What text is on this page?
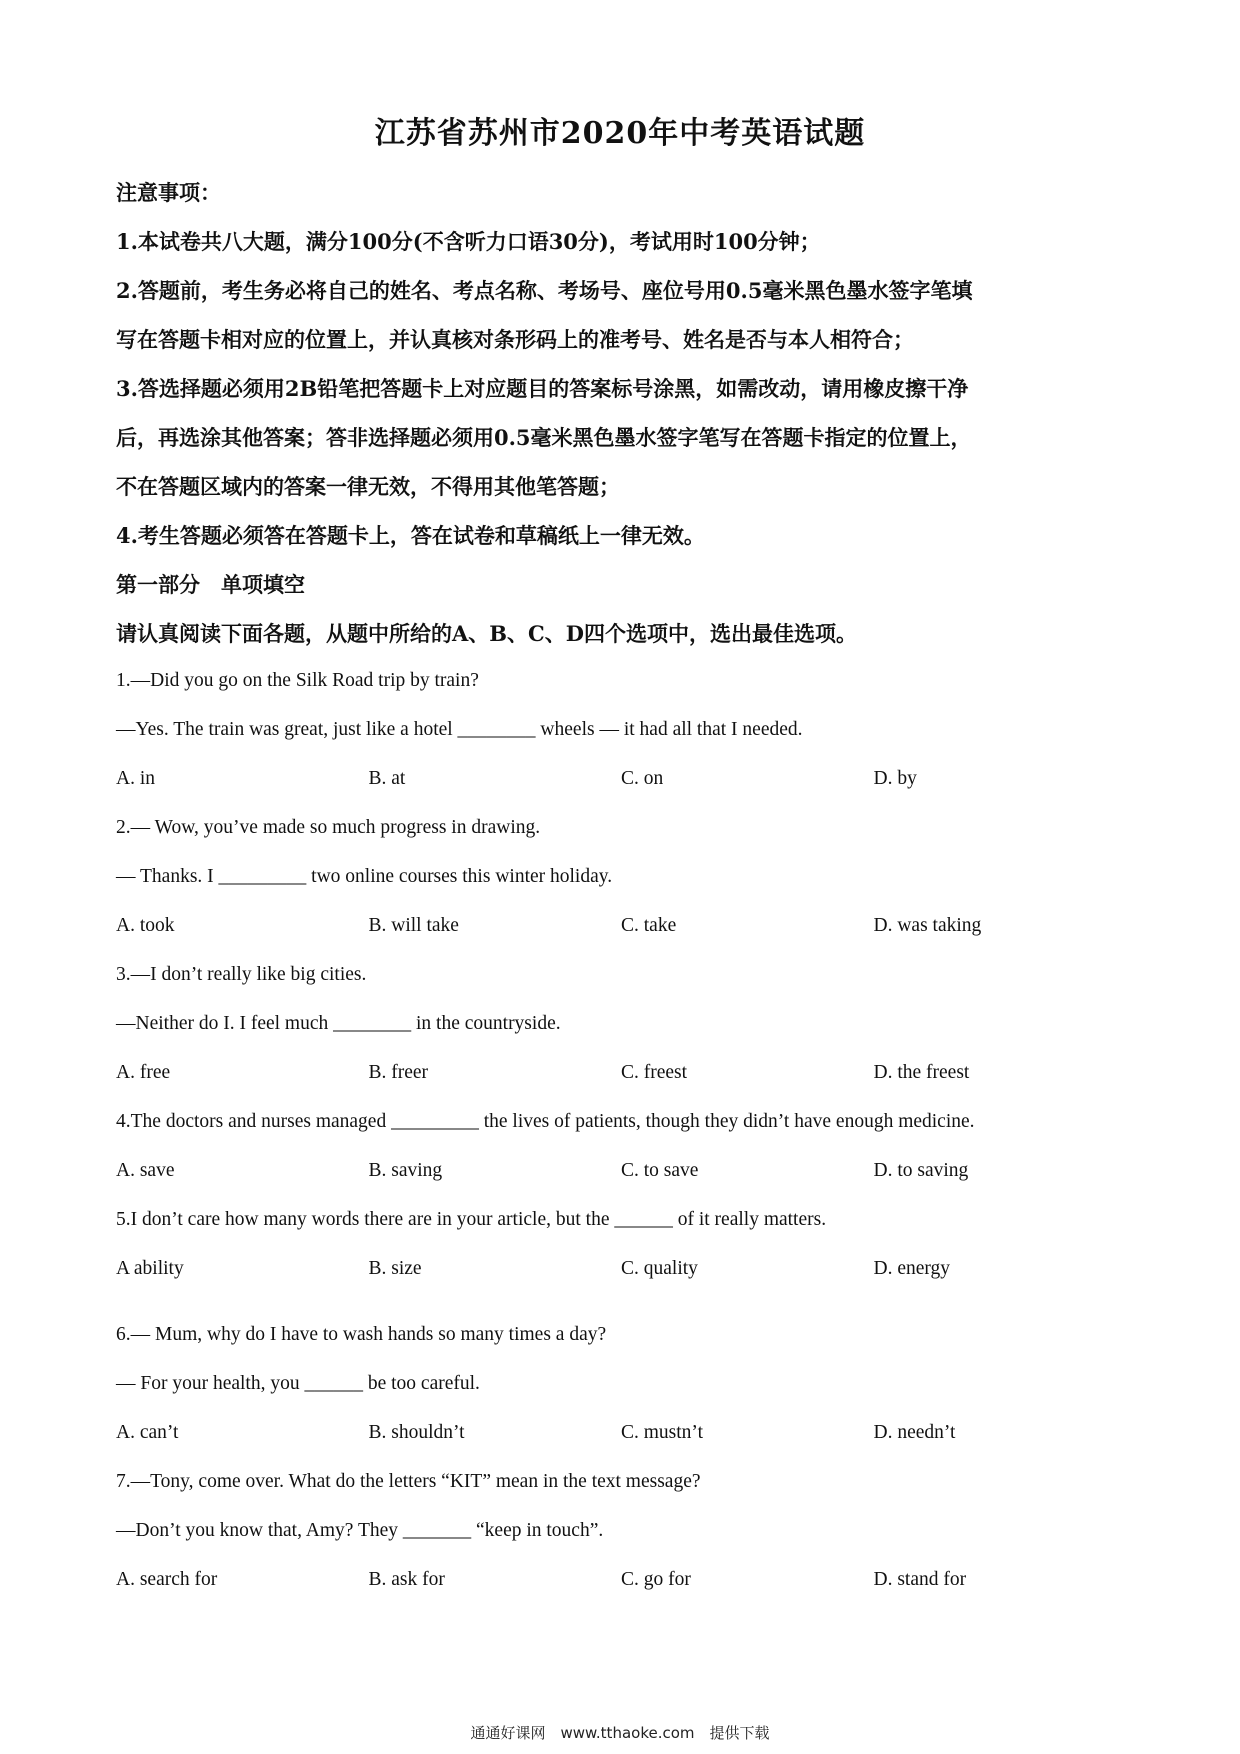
江苏省苏州市2020年中考英语试题
注意事项：
1.本试卷共八大题，满分100分(不含听力口语30分)，考试用时100分钟；
2.答题前，考生务必将自己的姓名、考点名称、考场号、座位号用0.5毫米黑色墨水签字笔填
写在答题卡相对应的位置上，并认真核对条形码上的准考号、姓名是否与本人相符合；
3.答选择题必须用2B铅笔把答题卡上对应题目的答案标号涂黑，如需改动，请用橡皮擦干净
后，再选涂其他答案；答非选择题必须用0.5毫米黑色墨水签字笔写在答题卡指定的位置上，
不在答题区域内的答案一律无效，不得用其他笔答题；
4.考生答题必须答在答题卡上，答在试卷和草稿纸上一律无效。
第一部分　单项填空
请认真阅读下面各题，从题中所给的A、B、C、D四个选项中，选出最佳选项。
1.—Did you go on the Silk Road trip by train?
—Yes. The train was great, just like a hotel ________ wheels — it had all that I needed.
A. in	B. at	C. on	D. by
2.— Wow, you’ve made so much progress in drawing.
— Thanks. I _________ two online courses this winter holiday.
A. took	B. will take	C. take	D. was taking
3.—I don’t really like big cities.
—Neither do I. I feel much ________ in the countryside.
A. free	B. freer	C. freest	D. the freest
4.The doctors and nurses managed _________ the lives of patients, though they didn’t have enough medicine.
A. save	B. saving	C. to save	D. to saving
5.I don’t care how many words there are in your article, but the ______ of it really matters.
A ability	B. size	C. quality	D. energy
6.— Mum, why do I have to wash hands so many times a day?
— For your health, you ______ be too careful.
A. can’t	B. shouldn’t	C. mustn’t	D. needn’t
7.—Tony, come over. What do the letters “KIT” mean in the text message?
—Don’t you know that, Amy? They _______ “keep in touch”.
A. search for	B. ask for	C. go for	D. stand for
通通好课网　www.tthaoke.com　提供下载
